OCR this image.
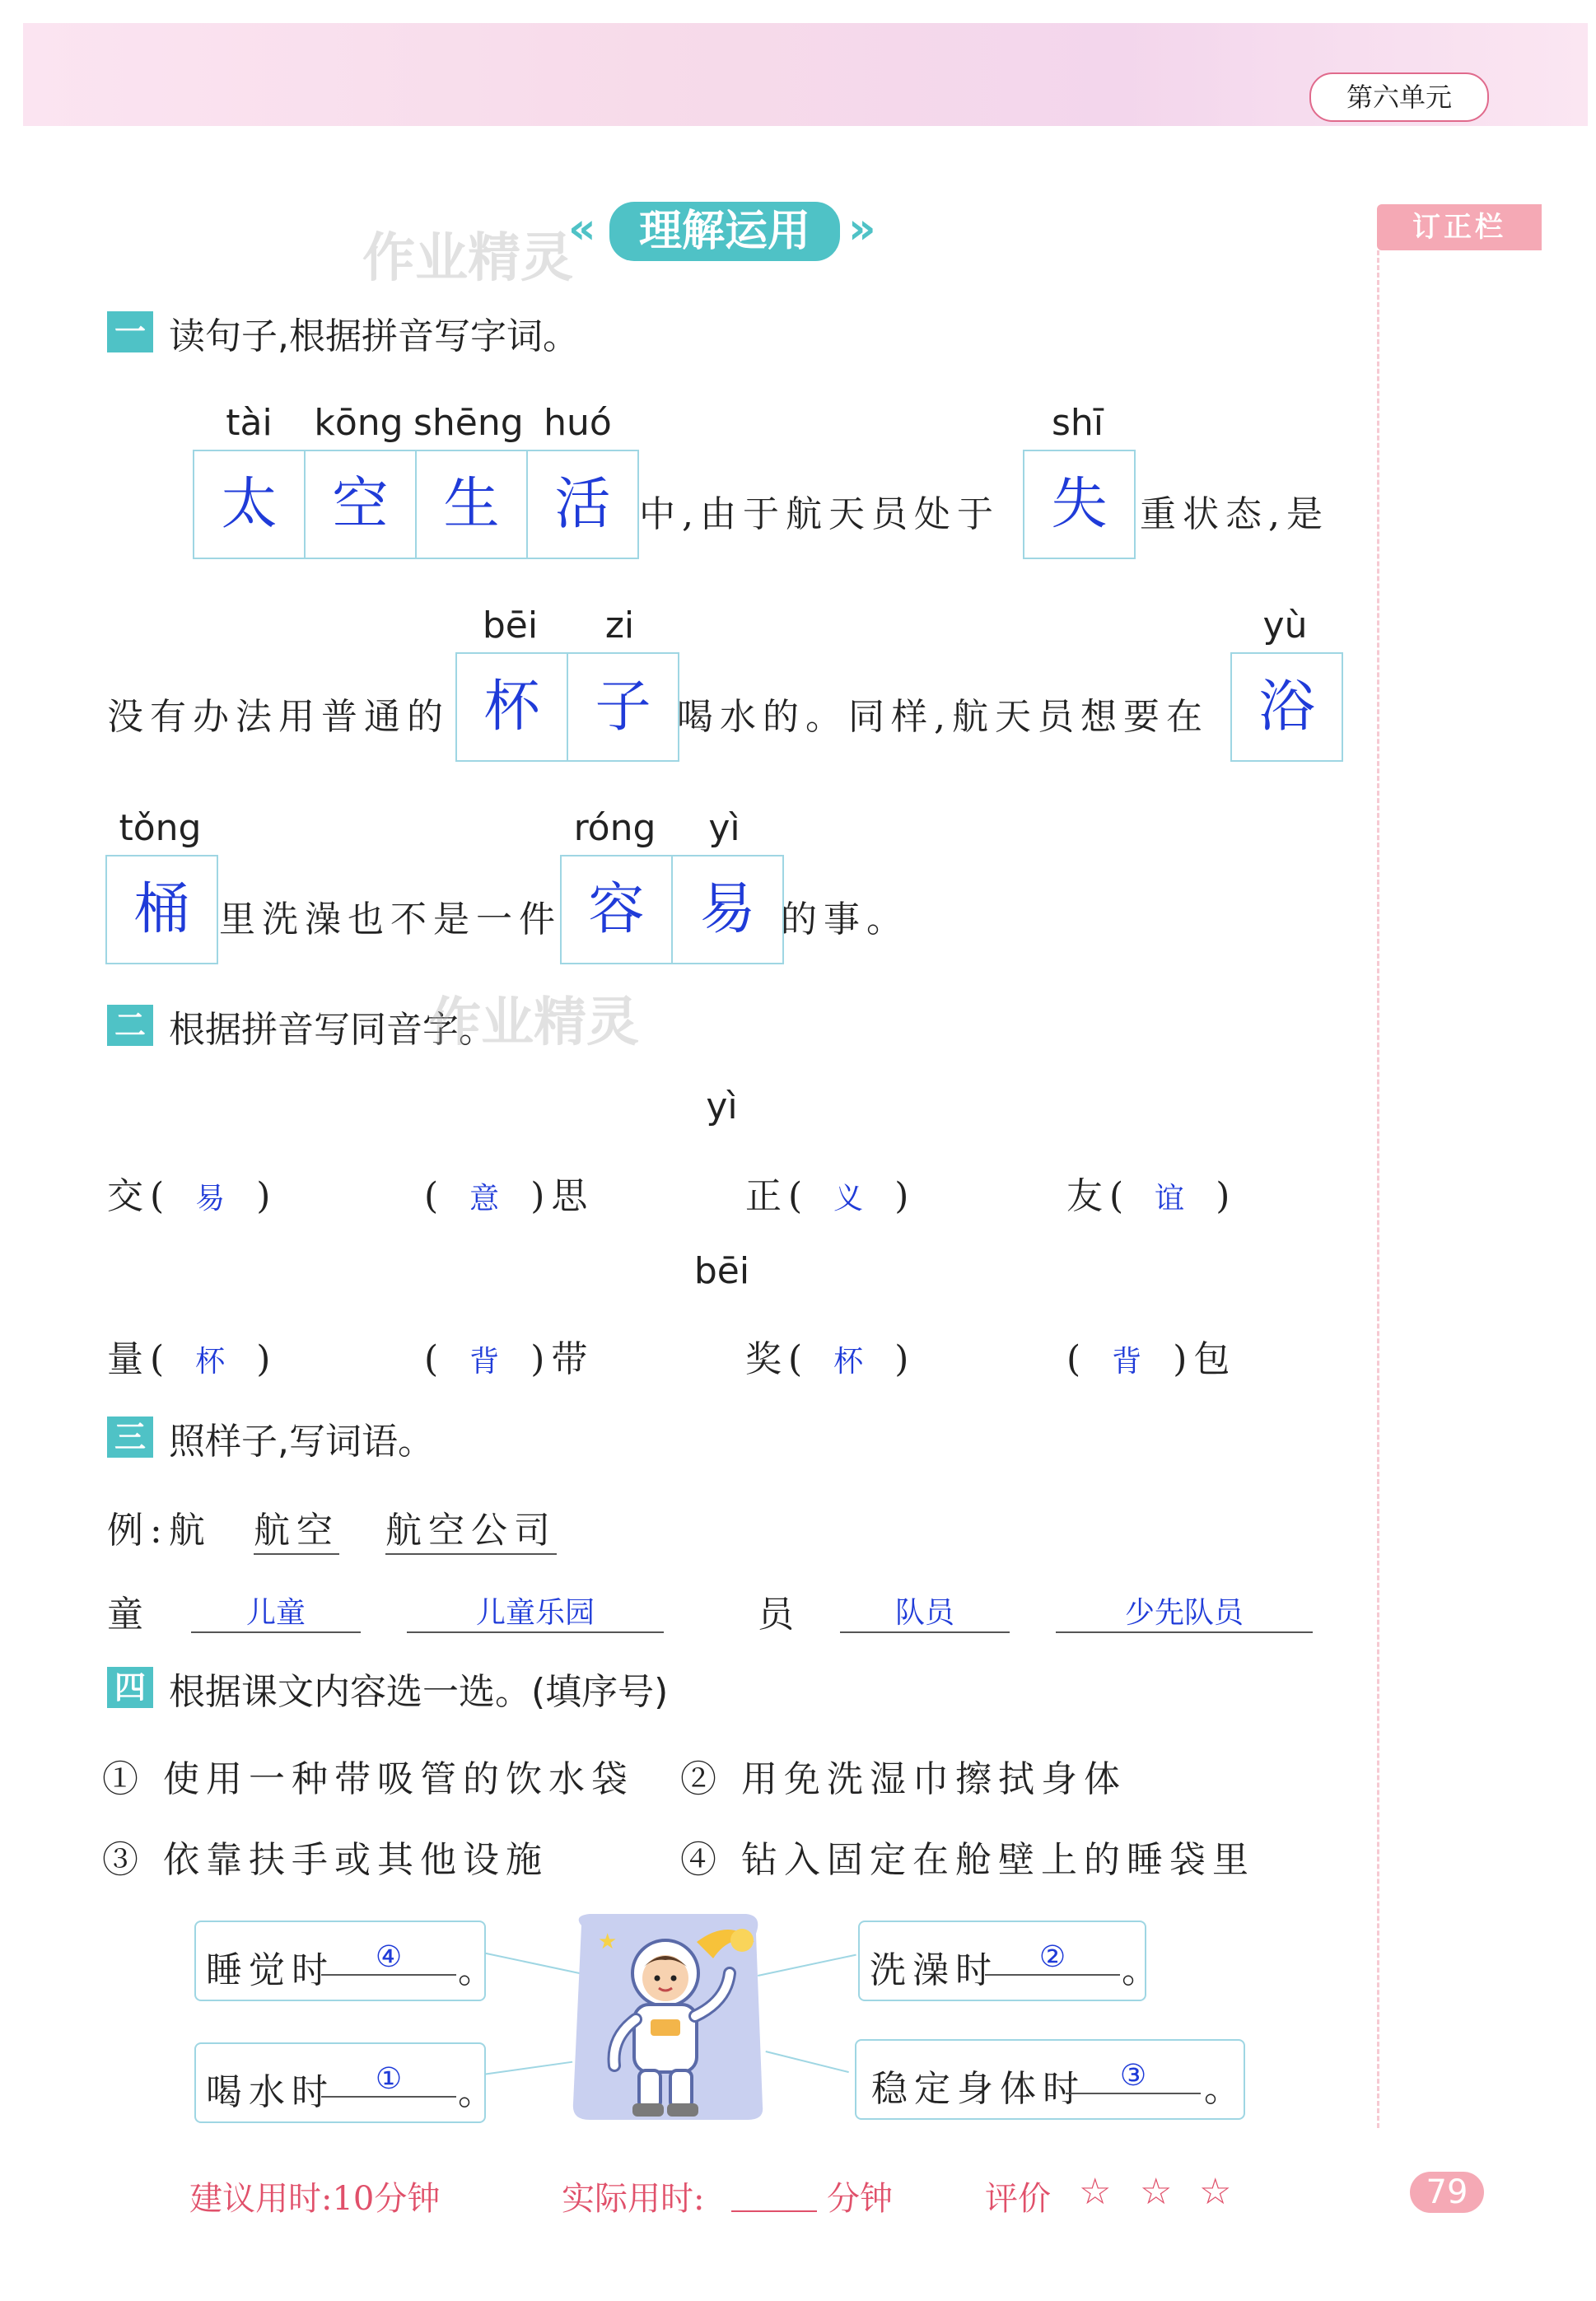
第六单元
订正栏
作业精灵
«	理解运用 »
一 读句子,根据拼音写字词。
tài	kōng shēng huó
太 空 生 活 中,由于航天员处于
shī
失 重状态,是
没有办法用普通的
bēi	zi
杯 子 喝水的。同样,航天员想要在
yù
浴
tǒng
桶 里洗澡也不是一件
róng	yì
容 易 的事。
二 根据拼音写同音字。
作业精灵
yì
交( 易 )	( 意 )思	正( 义 )	友( 谊 )
bēi
量( 杯 )	( 背 )带	奖( 杯 )	( 背 )包
三 照样子,写词语。
例:航 航空 航空公司
童	儿童	儿童乐园	员	队员	少先队员
四 根据课文内容选一选。(填序号)
① 使用一种带吸管的饮水袋 ② 用免洗湿巾擦拭身体
③ 依靠扶手或其他设施	④ 钻入固定在舱壁上的睡袋里
★
睡觉时	④	。
喝水时	①	。
洗澡时	②	。
稳定身体时	③	。
建议用时:10分钟	实际用时:	分钟	评价 ☆ ☆ ☆	79
